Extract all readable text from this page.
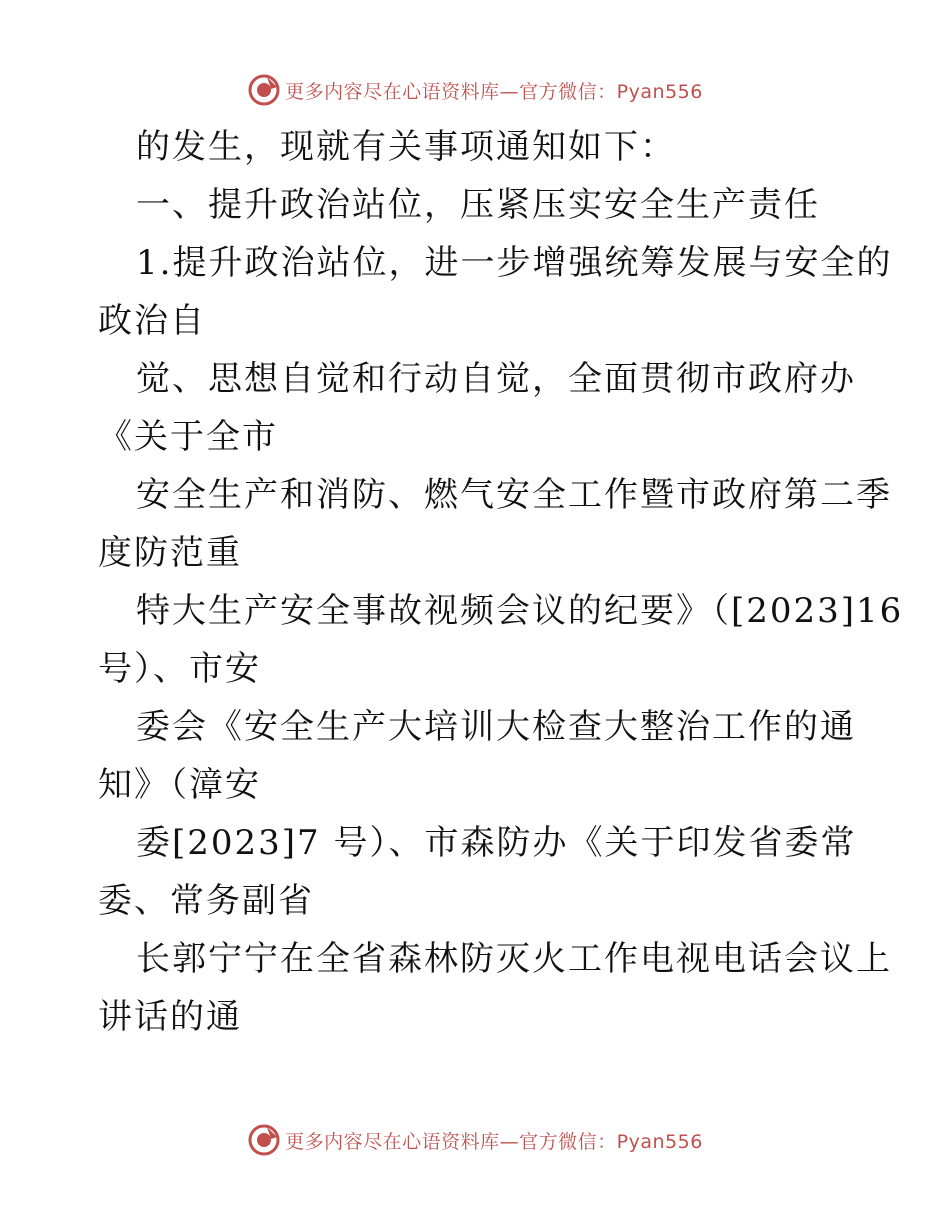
更多内容尽在心语资料库—官方微信：Pyan556
的发生，现就有关事项通知如下：
一、提升政治站位，压紧压实安全生产责任
1.提升政治站位，进一步增强统筹发展与安全的
政治自
觉、思想自觉和行动自觉，全面贯彻市政府办
《关于全市
安全生产和消防、燃气安全工作暨市政府第二季
度防范重
特大生产安全事故视频会议的纪要》（[2023]16
号）、市安
委会《安全生产大培训大检查大整治工作的通
知》（漳安
委[2023]7 号）、市森防办《关于印发省委常
委、常务副省
长郭宁宁在全省森林防灭火工作电视电话会议上
讲话的通
更多内容尽在心语资料库—官方微信：Pyan556
